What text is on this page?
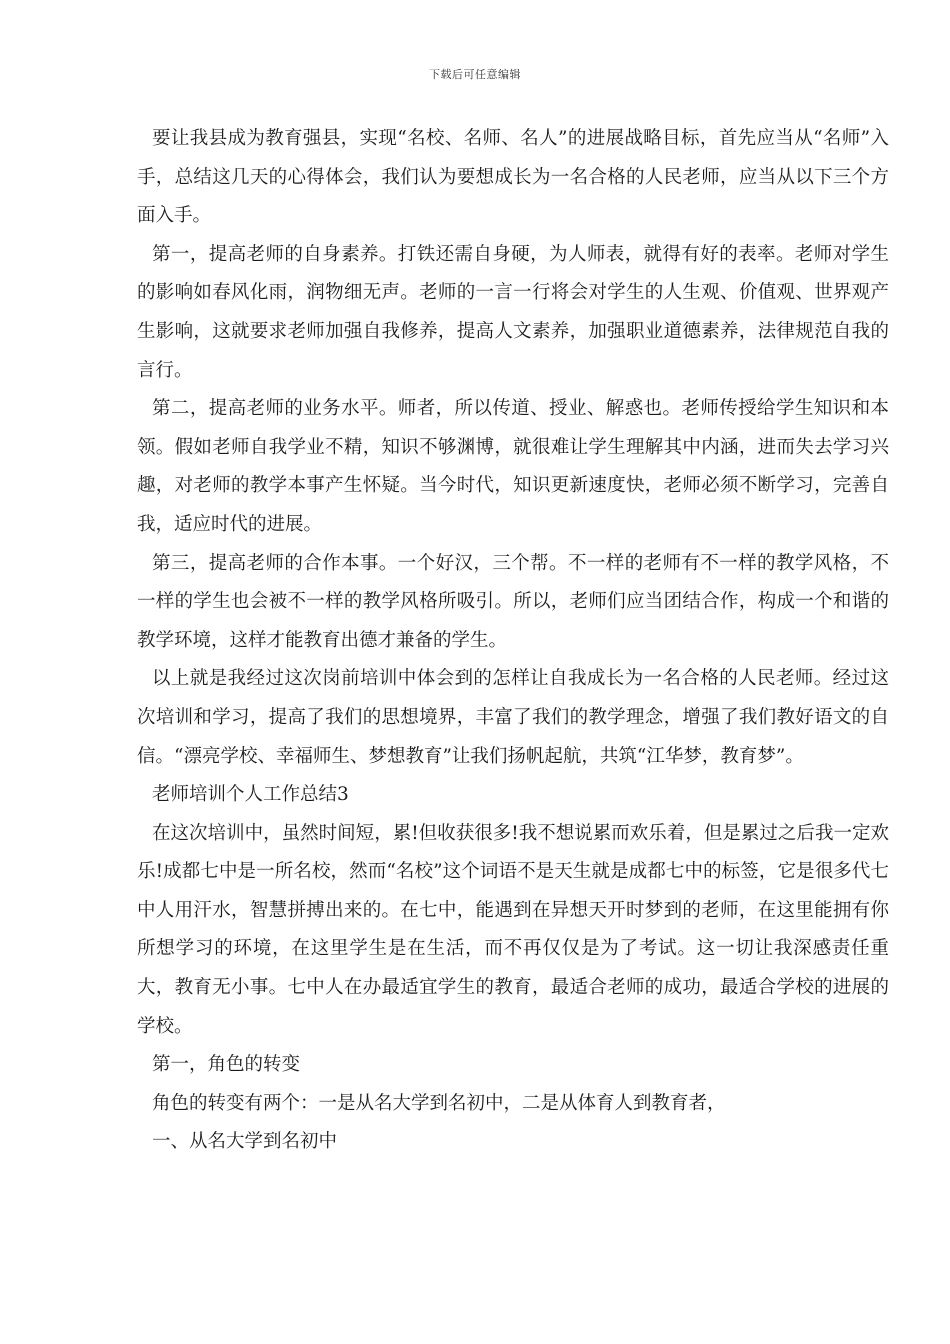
下载后可任意编辑

要让我县成为教育强县，实现“名校、名师、名人”的进展战略目标，首先应当从“名师”入手，总结这几天的心得体会，我们认为要想成长为一名合格的人民老师，应当从以下三个方面入手。

第一，提高老师的自身素养。打铁还需自身硬，为人师表，就得有好的表率。老师对学生的影响如春风化雨，润物细无声。老师的一言一行将会对学生的人生观、价值观、世界观产生影响，这就要求老师加强自我修养，提高人文素养，加强职业道德素养，法律规范自我的言行。

第二，提高老师的业务水平。师者，所以传道、授业、解惑也。老师传授给学生知识和本领。假如老师自我学业不精，知识不够渊博，就很难让学生理解其中内涵，进而失去学习兴趣，对老师的教学本事产生怀疑。当今时代，知识更新速度快，老师必须不断学习，完善自我，适应时代的进展。

第三，提高老师的合作本事。一个好汉，三个帮。不一样的老师有不一样的教学风格，不一样的学生也会被不一样的教学风格所吸引。所以，老师们应当团结合作，构成一个和谐的教学环境，这样才能教育出德才兼备的学生。

以上就是我经过这次岗前培训中体会到的怎样让自我成长为一名合格的人民老师。经过这次培训和学习，提高了我们的思想境界，丰富了我们的教学理念，增强了我们教好语文的自信。“漂亮学校、幸福师生、梦想教育”让我们扬帆起航，共筑“江华梦，教育梦”。

老师培训个人工作总结3

在这次培训中，虽然时间短，累!但收获很多!我不想说累而欢乐着，但是累过之后我一定欢乐!成都七中是一所名校，然而“名校”这个词语不是天生就是成都七中的标签，它是很多代七中人用汗水，智慧拼搏出来的。在七中，能遇到在异想天开时梦到的老师，在这里能拥有你所想学习的环境，在这里学生是在生活，而不再仅仅是为了考试。这一切让我深感责任重大，教育无小事。七中人在办最适宜学生的教育，最适合老师的成功，最适合学校的进展的学校。

第一，角色的转变

角色的转变有两个：一是从名大学到名初中，二是从体育人到教育者，

一、从名大学到名初中
